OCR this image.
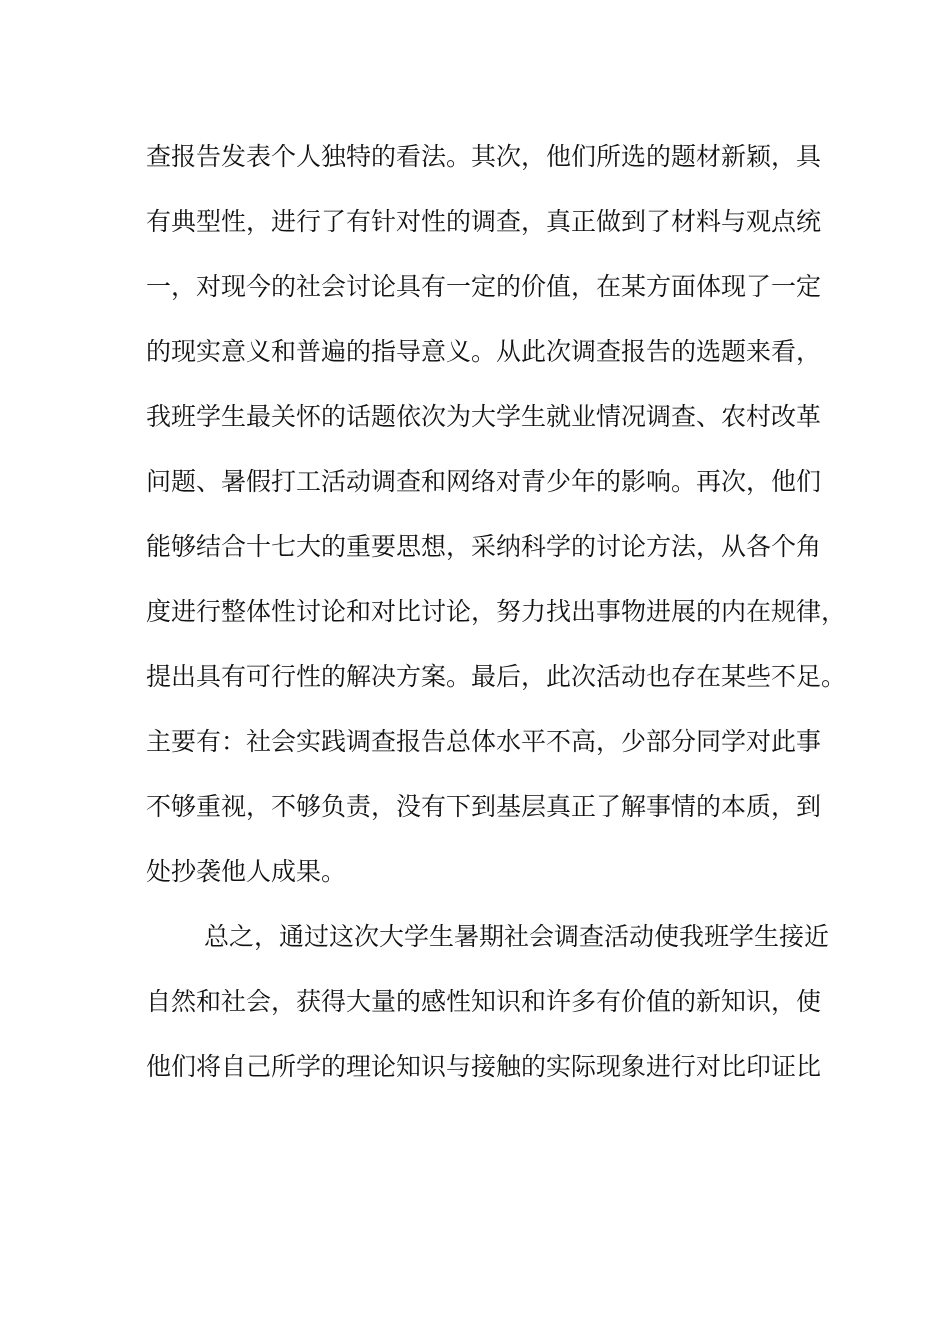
查报告发表个人独特的看法。其次，他们所选的题材新颖，具
有典型性，进行了有针对性的调查，真正做到了材料与观点统
一，对现今的社会讨论具有一定的价值，在某方面体现了一定
的现实意义和普遍的指导意义。从此次调查报告的选题来看，
我班学生最关怀的话题依次为大学生就业情况调查、农村改革
问题、暑假打工活动调查和网络对青少年的影响。再次，他们
能够结合十七大的重要思想，采纳科学的讨论方法，从各个角
度进行整体性讨论和对比讨论，努力找出事物进展的内在规律，
提出具有可行性的解决方案。最后，此次活动也存在某些不足。
主要有：社会实践调查报告总体水平不高，少部分同学对此事
不够重视，不够负责，没有下到基层真正了解事情的本质，到
处抄袭他人成果。
总之，通过这次大学生暑期社会调查活动使我班学生接近
自然和社会，获得大量的感性知识和许多有价值的新知识，使
他们将自己所学的理论知识与接触的实际现象进行对比印证比
